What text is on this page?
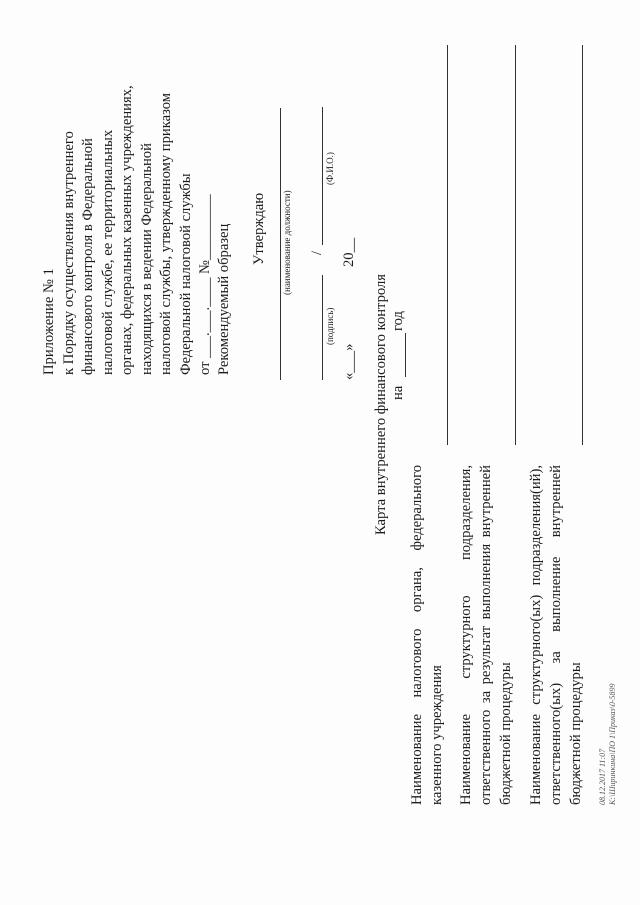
Приложение № 1 к Порядку осуществления внутреннего финансового контроля в Федеральной налоговой службе, ее территориальных органах, федеральных казенных учреждениях, находящихся в ведении Федеральной налоговой службы, утвержденному приказом Федеральной налоговой службы от ___.___.____ №_________ Рекомендуемый образец Утверждаю (наименование должности) /
(подпись)
(Ф.И.О.)
«___»
20__
Карта внутреннего финансового контроля на
год
Наименование
налогового
органа,
федерального
казенного учреждения Наименование
структурного
подразделения,
ответственного
за
результат
выполнения
внутренней
бюджетной процедуры Наименование
структурного(ых)
подразделения(ий),
ответственного(ых)
за
выполнение
внутренней
бюджетной процедуры	08.12.2017 11:07 К:\Ширинкина\ПО 1\Приказ\0-5899
